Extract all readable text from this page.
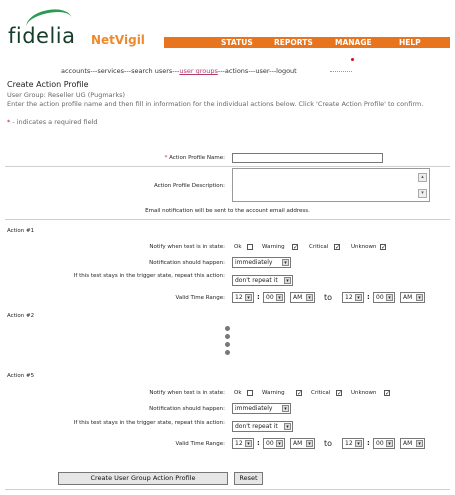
fidelia NetVigil	STATUS	REPORTS	MANAGE	HELP
accounts---services---search users---user groups---actions---user---logout
Create Action Profile
User Group: Reseller UG (Pugmarks)
Enter the action profile name and then fill in information for the individual actions below. Click 'Create Action Profile' to confirm.
* - indicates a required field
* Action Profile Name:
Action Profile Description:
▴
▾
Email notification will be sent to the account email address.
Action #1
Notify when test is in state: Ok	Warning ✓ Critical ✓ Unknown ✓
Notification should happen:	immediately	▾
If this test stays in the trigger state, repeat this action:
don't repeat it	▾
Valid Time Range:	12 ▾	:	00 ▾	AM	▾ to	12 ▾	:	00 ▾	AM	▾
Action #2
Action #5
Notify when test is in state: Ok	Warning ✓ Critical ✓ Unknown ✓
Notification should happen:	immediately	▾
If this test stays in the trigger state, repeat this action:	don't repeat it	▾
Valid Time Range:	12 ▾	:	00 ▾	AM	▾ to	12 ▾	:	00 ▾	AM	▾
Create User Group Action Profile	Reset
